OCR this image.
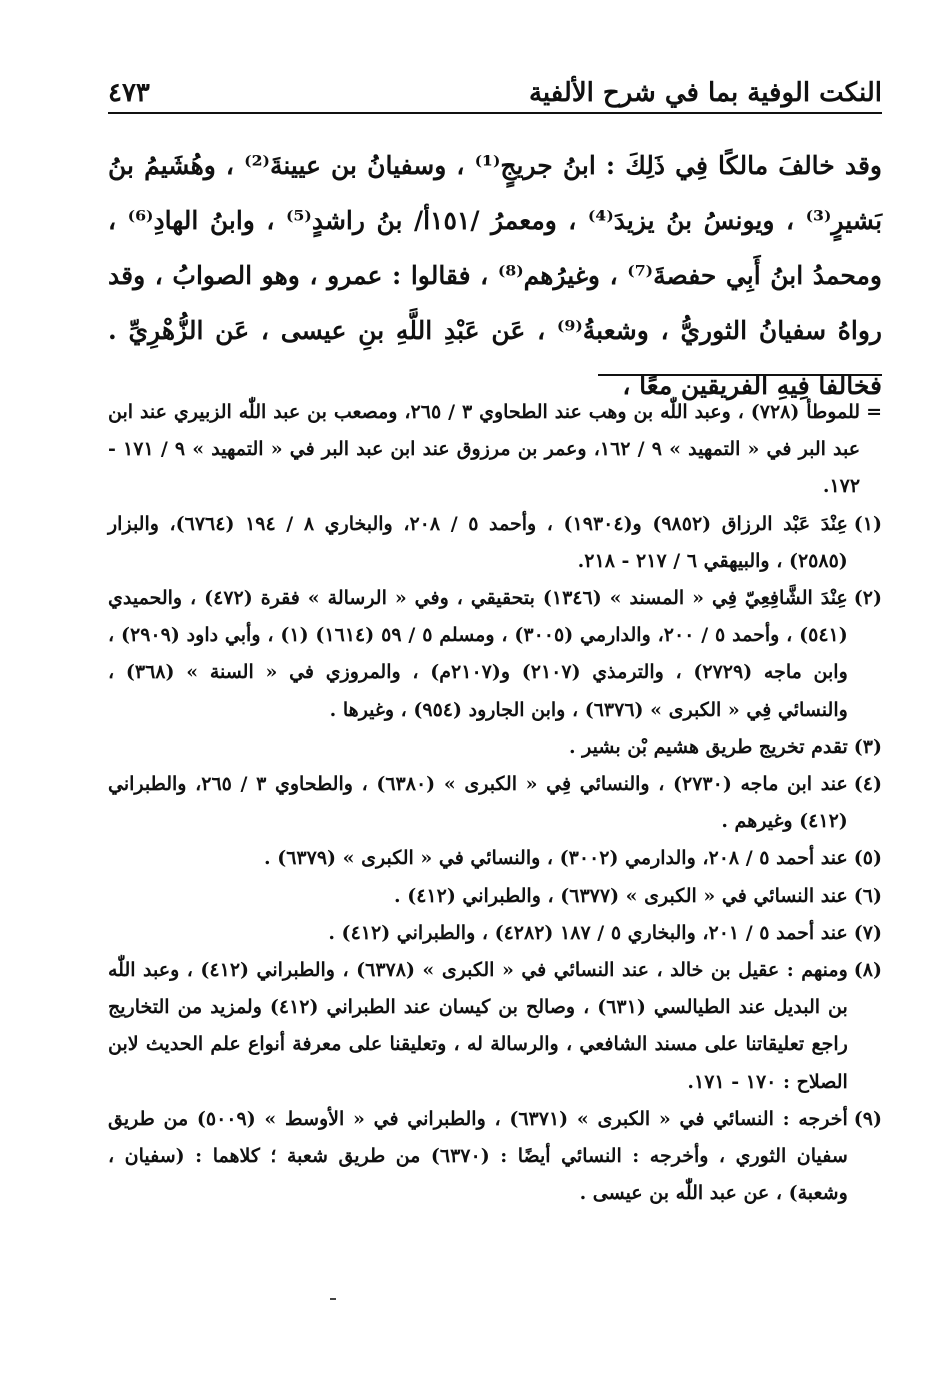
النكت الوفية بما في شرح الألفية
٤٧٣

وقد خالفَ مالكًا فِي ذَلِكَ : ابنُ جريجٍ⁽¹⁾ ، وسفيانُ بن عيينةَ⁽²⁾ ، وهُشَيمُ بنُ بَشيرٍ⁽³⁾ ، ويونسُ بنُ يزيدَ⁽⁴⁾ ، ومعمرُ /١٥١أ/ بنُ راشدٍ⁽⁵⁾ ، وابنُ الهادِ⁽⁶⁾ ، ومحمدُ ابنُ أَبِي حفصةَ⁽⁷⁾ ، وغيرُهم⁽⁸⁾ ، فقالوا : عمرو ، وهو الصوابُ ، وقد رواهُ سفيانُ الثوريُّ ، وشعبةُ⁽⁹⁾ ، عَن عَبْدِ اللَّهِ بنِ عيسى ، عَن الزُّهْرِيِّ . فخالفا فِيهِ الفريقين معًا ،

=
للموطأ (٧٢٨) ، وعبد اللّٰه بن وهب عند الطحاوي ٣ / ٢٦٥، ومصعب بن عبد اللّٰه الزبيري عند ابن عبد البر في « التمهيد » ٩ / ١٦٢، وعمر بن مرزوق عند ابن عبد البر في « التمهيد » ٩ / ١٧١ - ١٧٢.
(١)
عِنْدَ عَبْد الرزاق (٩٨٥٢) و(١٩٣٠٤) ، وأحمد ٥ / ٢٠٨، والبخاري ٨ / ١٩٤ (٦٧٦٤)، والبزار (٢٥٨٥) ، والبيهقي ٦ / ٢١٧ - ٢١٨.
(٢)
عِنْدَ الشَّافِعِيّ فِي « المسند » (١٣٤٦) بتحقيقي ، وفي « الرسالة » فقرة (٤٧٢) ، والحميدي (٥٤١) ، وأحمد ٥ / ٢٠٠، والدارمي (٣٠٠٥) ، ومسلم ٥ / ٥٩ (١٦١٤) (١) ، وأبي داود (٢٩٠٩) ، وابن ماجه (٢٧٢٩) ، والترمذي (٢١٠٧) و(٢١٠٧م) ، والمروزي في « السنة » (٣٦٨) ، والنسائي فِي « الكبرى » (٦٣٧٦) ، وابن الجارود (٩٥٤) ، وغيرها .
(٣)
تقدم تخريج طريق هشيم بْن بشير .
(٤)
عند ابن ماجه (٢٧٣٠) ، والنسائي فِي « الكبرى » (٦٣٨٠) ، والطحاوي ٣ / ٢٦٥، والطبراني (٤١٢) وغيرهم .
(٥)
عند أحمد ٥ / ٢٠٨، والدارمي (٣٠٠٢) ، والنسائي في « الكبرى » (٦٣٧٩) .
(٦)
عند النسائي في « الكبرى » (٦٣٧٧) ، والطبراني (٤١٢) .
(٧)
عند أحمد ٥ / ٢٠١، والبخاري ٥ / ١٨٧ (٤٢٨٢) ، والطبراني (٤١٢) .
(٨)
ومنهم : عقيل بن خالد ، عند النسائي في « الكبرى » (٦٣٧٨) ، والطبراني (٤١٢) ، وعبد اللّٰه بن البديل عند الطيالسي (٦٣١) ، وصالح بن كيسان عند الطبراني (٤١٢) ولمزيد من التخاريج راجع تعليقاتنا على مسند الشافعي ، والرسالة له ، وتعليقنا على معرفة أنواع علم الحديث لابن الصلاح : ١٧٠ - ١٧١.
(٩)
أخرجه : النسائي في « الكبرى » (٦٣٧١) ، والطبراني في « الأوسط » (٥٠٠٩) من طريق سفيان الثوري ، وأخرجه : النسائي أيضًا : (٦٣٧٠) من طريق شعبة ؛ كلاهما : (سفيان ، وشعبة) ، عن عبد اللّٰه بن عيسى .
